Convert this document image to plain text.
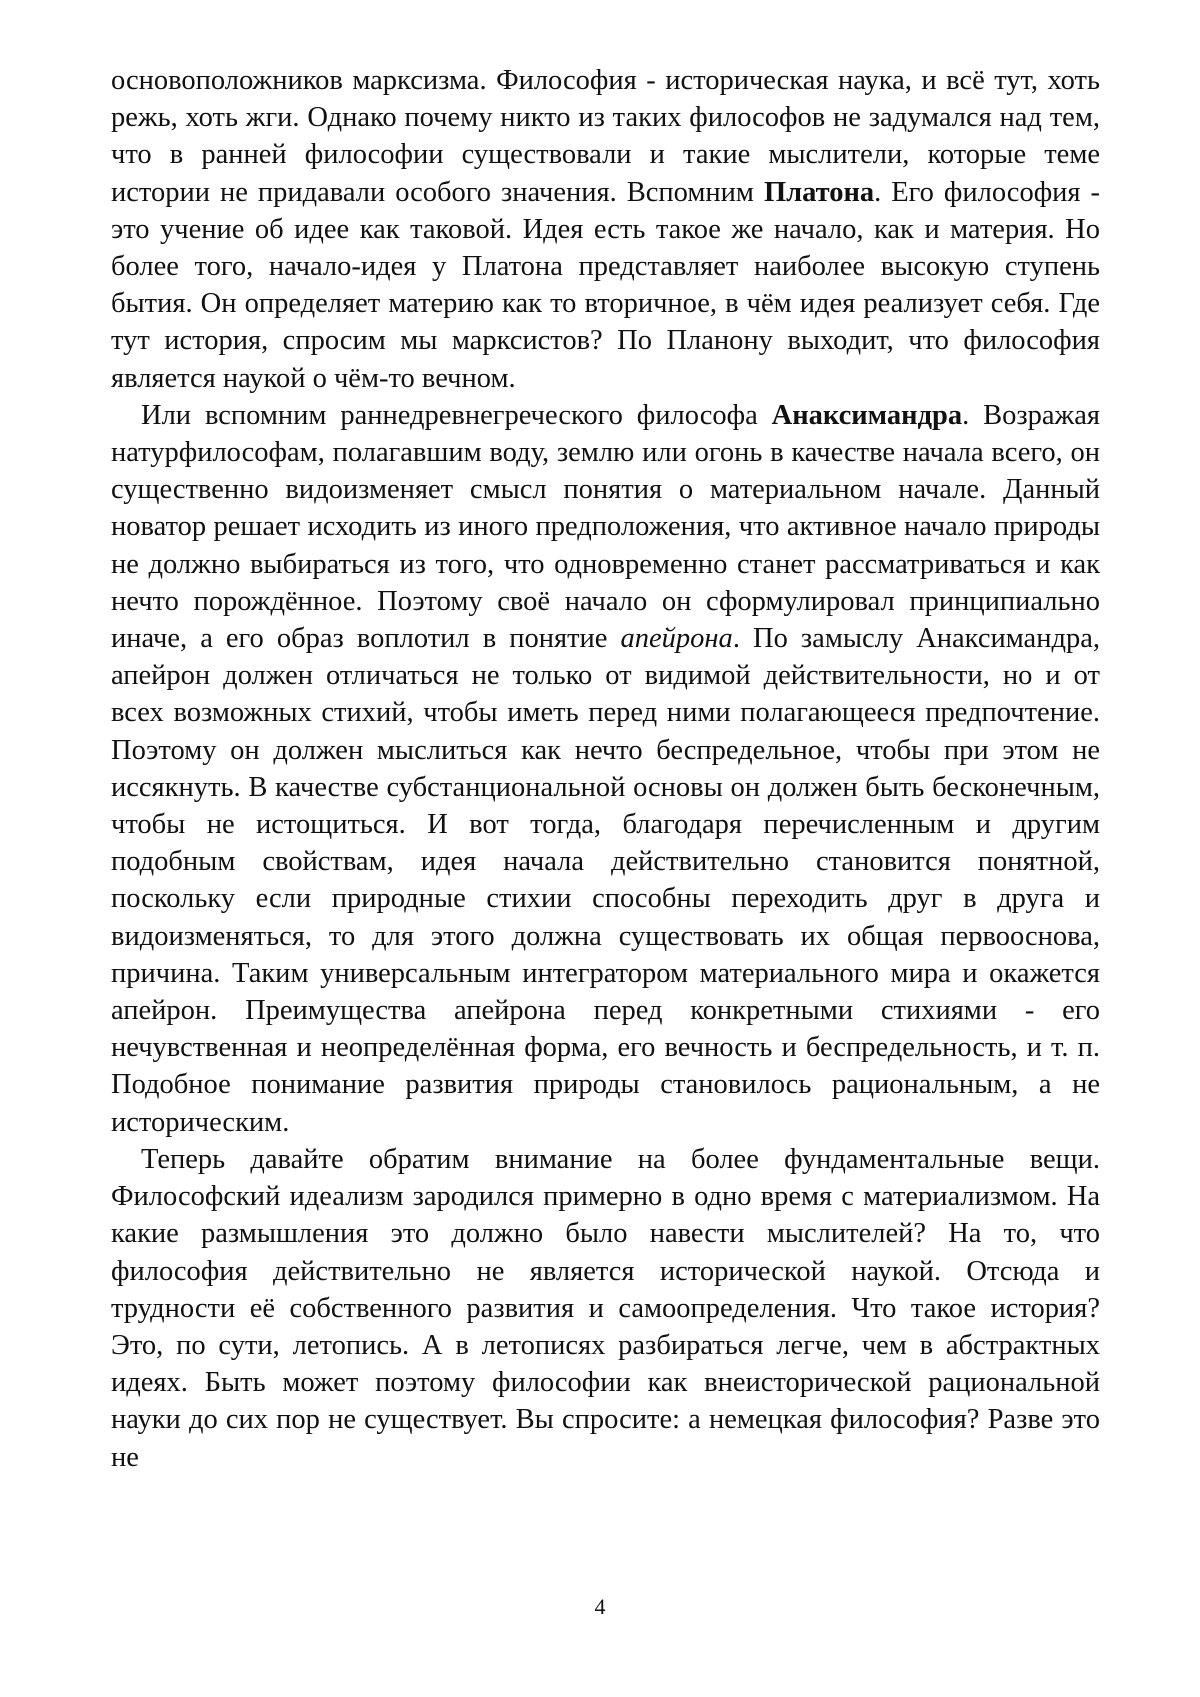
основоположников марксизма. Философия - историческая наука, и всё тут, хоть режь, хоть жги. Однако почему никто из таких философов не задумался над тем, что в ранней философии существовали и такие мыслители, которые теме истории не придавали особого значения. Вспомним Платона. Его философия - это учение об идее как таковой. Идея есть такое же начало, как и материя. Но более того, начало-идея у Платона представляет наиболее высокую ступень бытия. Он определяет материю как то вторичное, в чём идея реализует себя. Где тут история, спросим мы марксистов? По Планону выходит, что философия является наукой о чём-то вечном.

Или вспомним раннедревнегреческого философа Анаксимандра. Возражая натурфилософам, полагавшим воду, землю или огонь в качестве начала всего, он существенно видоизменяет смысл понятия о материальном начале. Данный новатор решает исходить из иного предположения, что активное начало природы не должно выбираться из того, что одновременно станет рассматриваться и как нечто порождённое. Поэтому своё начало он сформулировал принципиально иначе, а его образ воплотил в понятие апейрона. По замыслу Анаксимандра, апейрон должен отличаться не только от видимой действительности, но и от всех возможных стихий, чтобы иметь перед ними полагающееся предпочтение. Поэтому он должен мыслиться как нечто беспредельное, чтобы при этом не иссякнуть. В качестве субстанциональной основы он должен быть бесконечным, чтобы не истощиться. И вот тогда, благодаря перечисленным и другим подобным свойствам, идея начала действительно становится понятной, поскольку если природные стихии способны переходить друг в друга и видоизменяться, то для этого должна существовать их общая первооснова, причина. Таким универсальным интегратором материального мира и окажется апейрон. Преимущества апейрона перед конкретными стихиями - его нечувственная и неопределённая форма, его вечность и беспредельность, и т. п. Подобное понимание развития природы становилось рациональным, а не историческим.

Теперь давайте обратим внимание на более фундаментальные вещи. Философский идеализм зародился примерно в одно время с материализмом. На какие размышления это должно было навести мыслителей? На то, что философия действительно не является исторической наукой. Отсюда и трудности её собственного развития и самоопределения. Что такое история? Это, по сути, летопись. А в летописях разбираться легче, чем в абстрактных идеях. Быть может поэтому философии как внеисторической рациональной науки до сих пор не существует. Вы спросите: а немецкая философия? Разве это не

4
